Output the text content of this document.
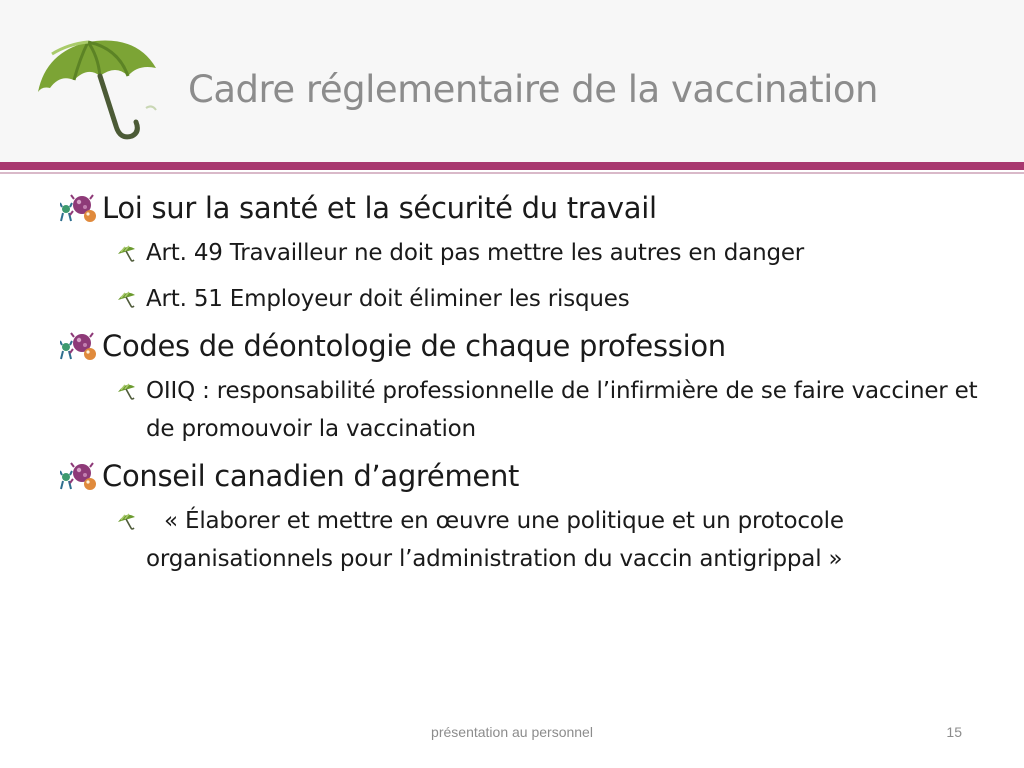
Cadre réglementaire de la vaccination

Loi sur la santé et la sécurité du travail

Art. 49 Travailleur ne doit pas mettre les autres en danger
Art. 51 Employeur doit éliminer les risques

Codes de déontologie de chaque profession

OIIQ : responsabilité professionnelle de l’infirmière de se faire vacciner et de promouvoir la vaccination

Conseil canadien d’agrément

« Élaborer et mettre en œuvre une politique et un protocole organisationnels pour l’administration du vaccin antigrippal »
présentation au personnel	15
